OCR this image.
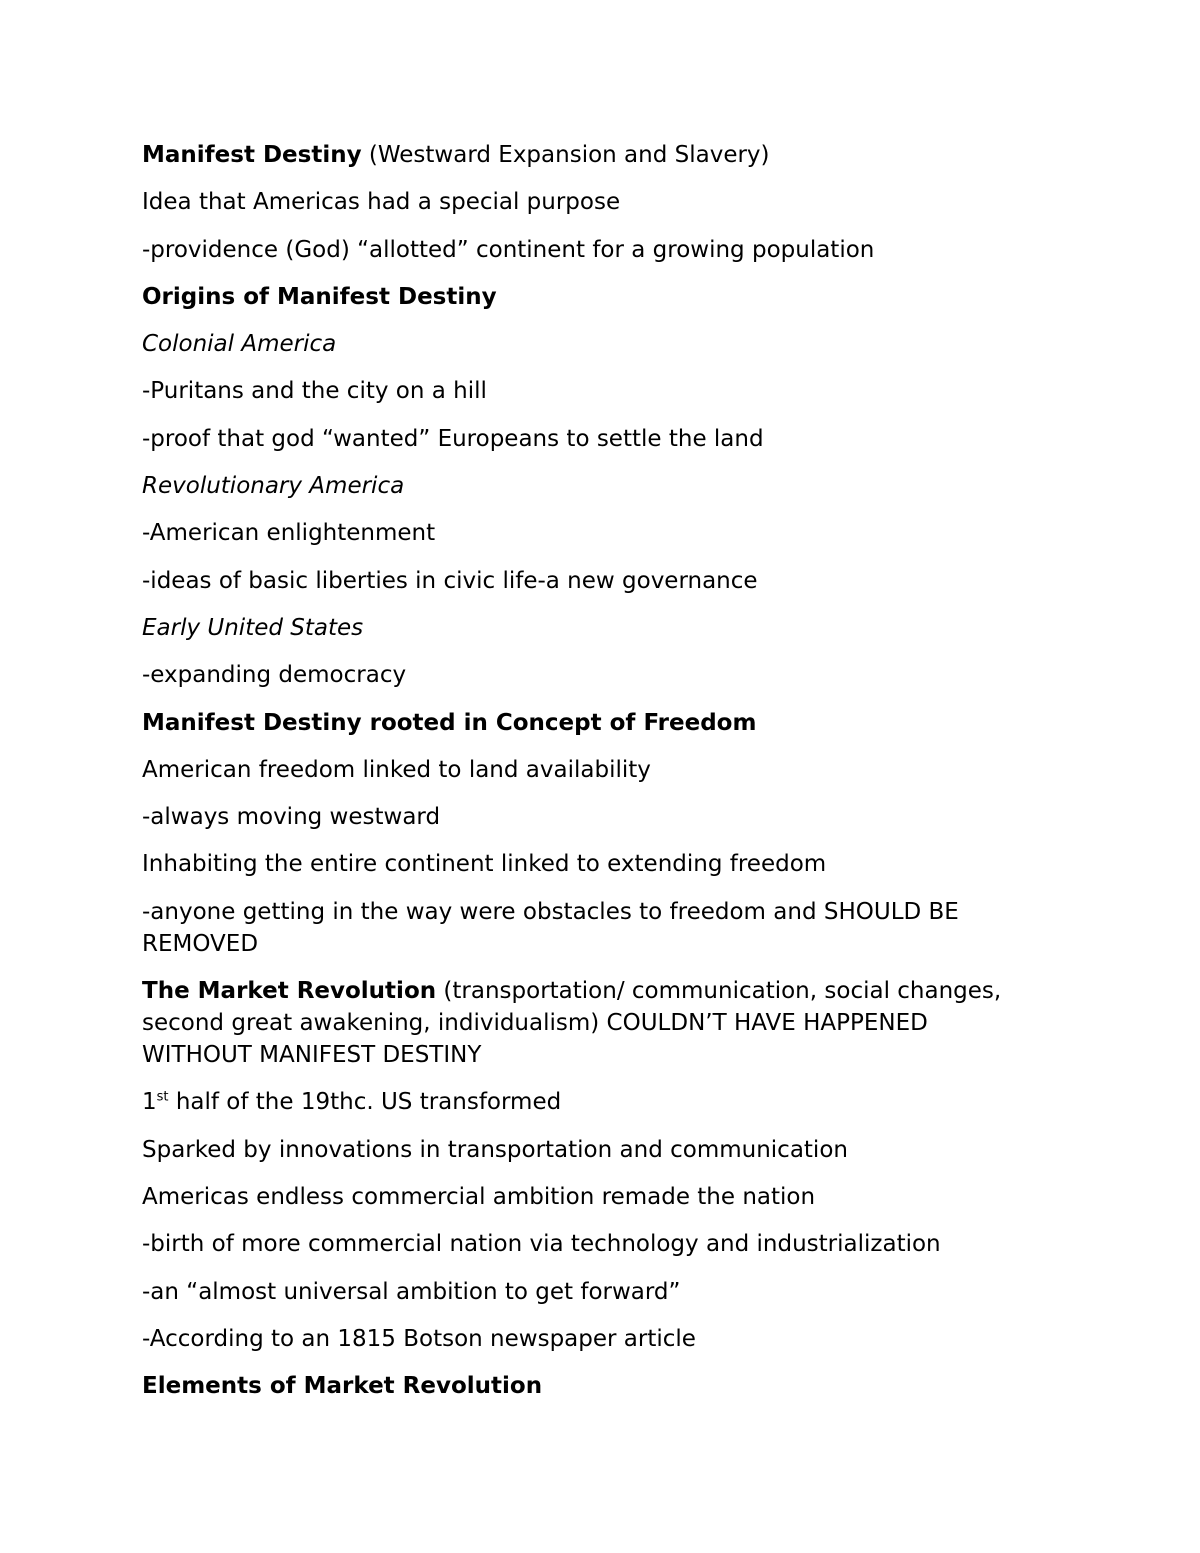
Manifest Destiny (Westward Expansion and Slavery)
Idea that Americas had a special purpose
-providence (God) “allotted” continent for a growing population
Origins of Manifest Destiny
Colonial America
-Puritans and the city on a hill
-proof that god “wanted” Europeans to settle the land
Revolutionary America
-American enlightenment
-ideas of basic liberties in civic life-a new governance
Early United States
-expanding democracy
Manifest Destiny rooted in Concept of Freedom
American freedom linked to land availability
-always moving westward
Inhabiting the entire continent linked to extending freedom
-anyone getting in the way were obstacles to freedom and SHOULD BE REMOVED
The Market Revolution (transportation/ communication, social changes, second great awakening, individualism) COULDN’T HAVE HAPPENED WITHOUT MANIFEST DESTINY
1st half of the 19thc. US transformed
Sparked by innovations in transportation and communication
Americas endless commercial ambition remade the nation
-birth of more commercial nation via technology and industrialization
-an “almost universal ambition to get forward”
-According to an 1815 Botson newspaper article
Elements of Market Revolution
